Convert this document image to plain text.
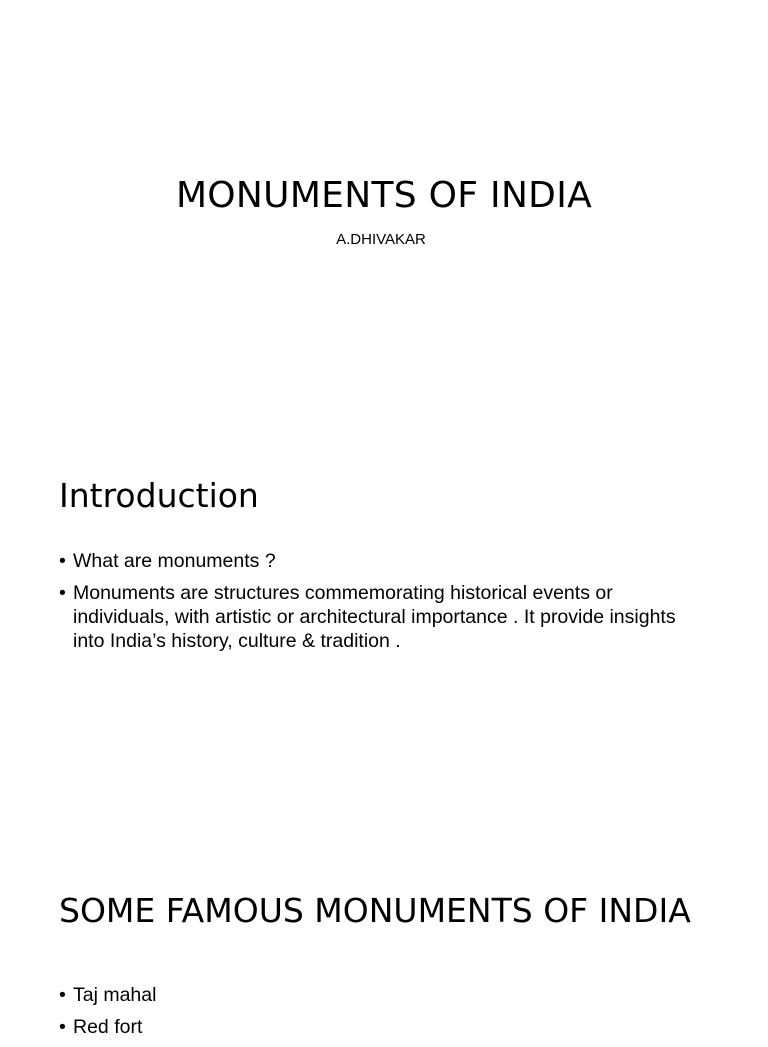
MONUMENTS OF INDIA
A.DHIVAKAR
Introduction
• What are monuments ?
• Monuments are structures commemorating historical events or individuals, with artistic or architectural importance . It provide insights into India’s history, culture & tradition .
SOME FAMOUS MONUMENTS OF INDIA
• Taj mahal
• Red fort
